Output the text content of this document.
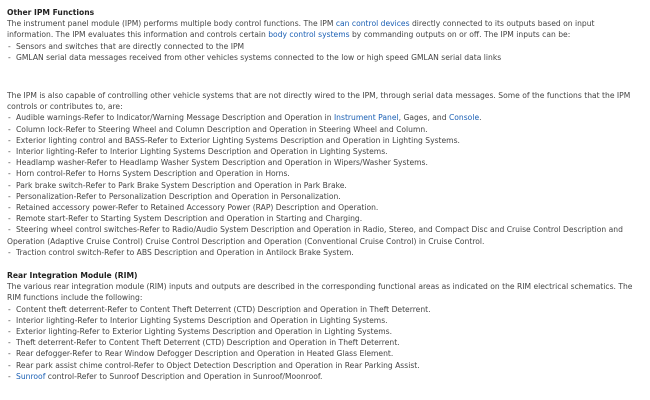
Other IPM Functions
The instrument panel module (IPM) performs multiple body control functions. The IPM can control devices directly connected to its outputs based on input information. The IPM evaluates this information and controls certain body control systems by commanding outputs on or off. The IPM inputs can be:
- Sensors and switches that are directly connected to the IPM
- GMLAN serial data messages received from other vehicles systems connected to the low or high speed GMLAN serial data links
The IPM is also capable of controlling other vehicle systems that are not directly wired to the IPM, through serial data messages. Some of the functions that the IPM controls or contributes to, are:
- Audible warnings-Refer to Indicator/Warning Message Description and Operation in Instrument Panel, Gages, and Console.
- Column lock-Refer to Steering Wheel and Column Description and Operation in Steering Wheel and Column.
- Exterior lighting control and BASS-Refer to Exterior Lighting Systems Description and Operation in Lighting Systems.
- Interior lighting-Refer to Interior Lighting Systems Description and Operation in Lighting Systems.
- Headlamp washer-Refer to Headlamp Washer System Description and Operation in Wipers/Washer Systems.
- Horn control-Refer to Horns System Description and Operation in Horns.
- Park brake switch-Refer to Park Brake System Description and Operation in Park Brake.
- Personalization-Refer to Personalization Description and Operation in Personalization.
- Retained accessory power-Refer to Retained Accessory Power (RAP) Description and Operation.
- Remote start-Refer to Starting System Description and Operation in Starting and Charging.
- Steering wheel control switches-Refer to Radio/Audio System Description and Operation in Radio, Stereo, and Compact Disc and Cruise Control Description and Operation (Adaptive Cruise Control) Cruise Control Description and Operation (Conventional Cruise Control) in Cruise Control.
- Traction control switch-Refer to ABS Description and Operation in Antilock Brake System.
Rear Integration Module (RIM)
The various rear integration module (RIM) inputs and outputs are described in the corresponding functional areas as indicated on the RIM electrical schematics. The RIM functions include the following:
- Content theft deterrent-Refer to Content Theft Deterrent (CTD) Description and Operation in Theft Deterrent.
- Interior lighting-Refer to Interior Lighting Systems Description and Operation in Lighting Systems.
- Exterior lighting-Refer to Exterior Lighting Systems Description and Operation in Lighting Systems.
- Theft deterrent-Refer to Content Theft Deterrent (CTD) Description and Operation in Theft Deterrent.
- Rear defogger-Refer to Rear Window Defogger Description and Operation in Heated Glass Element.
- Rear park assist chime control-Refer to Object Detection Description and Operation in Rear Parking Assist.
- Sunroof control-Refer to Sunroof Description and Operation in Sunroof/Moonroof.
